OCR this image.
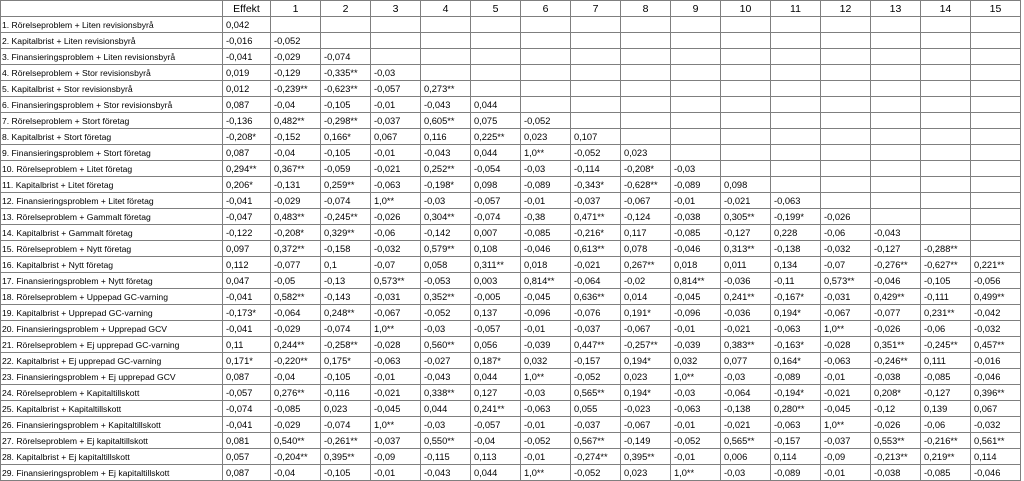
	Effekt	1	2	3	4	5	6	7	8	9	10	11	12	13	14	15
1. Rörelseproblem + Liten revisionsbyrå	0,042															
2. Kapitalbrist + Liten revisionsbyrå	-0,016	-0,052														
3. Finansieringsproblem + Liten revisionsbyrå	-0,041	-0,029	-0,074													
4. Rörelseproblem + Stor revisionsbyrå	0,019	-0,129	-0,335**	-0,03												
5. Kapitalbrist + Stor revisionsbyrå	0,012	-0,239**	-0,623**	-0,057	0,273**											
6. Finansieringsproblem + Stor revisionsbyrå	0,087	-0,04	-0,105	-0,01	-0,043	0,044										
7. Rörelseproblem + Stort företag	-0,136	0,482**	-0,298**	-0,037	0,605**	0,075	-0,052									
8. Kapitalbrist + Stort företag	-0,208*	-0,152	0,166*	0,067	0,116	0,225**	0,023	0,107								
9. Finansieringsproblem + Stort företag	0,087	-0,04	-0,105	-0,01	-0,043	0,044	1,0**	-0,052	0,023							
10. Rörelseproblem + Litet företag	0,294**	0,367**	-0,059	-0,021	0,252**	-0,054	-0,03	-0,114	-0,208*	-0,03						
11. Kapitalbrist + Litet företag	0,206*	-0,131	0,259**	-0,063	-0,198*	0,098	-0,089	-0,343*	-0,628**	-0,089	0,098					
12. Finansieringsproblem + Litet företag	-0,041	-0,029	-0,074	1,0**	-0,03	-0,057	-0,01	-0,037	-0,067	-0,01	-0,021	-0,063				
13. Rörelseproblem + Gammalt företag	-0,047	0,483**	-0,245**	-0,026	0,304**	-0,074	-0,38	0,471**	-0,124	-0,038	0,305**	-0,199*	-0,026			
14. Kapitalbrist + Gammalt företag	-0,122	-0,208*	0,329**	-0,06	-0,142	0,007	-0,085	-0,216*	0,117	-0,085	-0,127	0,228	-0,06	-0,043		
15. Rörelseproblem + Nytt företag	0,097	0,372**	-0,158	-0,032	0,579**	0,108	-0,046	0,613**	0,078	-0,046	0,313**	-0,138	-0,032	-0,127	-0,288**	
16. Kapitalbrist + Nytt företag	0,112	-0,077	0,1	-0,07	0,058	0,311**	0,018	-0,021	0,267**	0,018	0,011	0,134	-0,07	-0,276**	-0,627**	0,221**
17. Finansieringsproblem + Nytt företag	0,047	-0,05	-0,13	0,573**	-0,053	0,003	0,814**	-0,064	-0,02	0,814**	-0,036	-0,11	0,573**	-0,046	-0,105	-0,056
18. Rörelseproblem + Uppepad GC-varning	-0,041	0,582**	-0,143	-0,031	0,352**	-0,005	-0,045	0,636**	0,014	-0,045	0,241**	-0,167*	-0,031	0,429**	-0,111	0,499**
19. Kapitalbrist + Upprepad GC-varning	-0,173*	-0,064	0,248**	-0,067	-0,052	0,137	-0,096	-0,076	0,191*	-0,096	-0,036	0,194*	-0,067	-0,077	0,231**	-0,042
20. Finansieringsproblem + Upprepad GCV	-0,041	-0,029	-0,074	1,0**	-0,03	-0,057	-0,01	-0,037	-0,067	-0,01	-0,021	-0,063	1,0**	-0,026	-0,06	-0,032
21. Rörelseproblem + Ej upprepad GC-varning	0,11	0,244**	-0,258**	-0,028	0,560**	0,056	-0,039	0,447**	-0,257**	-0,039	0,383**	-0,163*	-0,028	0,351**	-0,245**	0,457**
22. Kapitalbrist + Ej upprepad GC-varning	0,171*	-0,220**	0,175*	-0,063	-0,027	0,187*	0,032	-0,157	0,194*	0,032	0,077	0,164*	-0,063	-0,246**	0,111	-0,016
23. Finansieringsproblem + Ej upprepad GCV	0,087	-0,04	-0,105	-0,01	-0,043	0,044	1,0**	-0,052	0,023	1,0**	-0,03	-0,089	-0,01	-0,038	-0,085	-0,046
24. Rörelseproblem + Kapitaltillskott	-0,057	0,276**	-0,116	-0,021	0,338**	0,127	-0,03	0,565**	0,194*	-0,03	-0,064	-0,194*	-0,021	0,208*	-0,127	0,396**
25. Kapitalbrist + Kapitaltillskott	-0,074	-0,085	0,023	-0,045	0,044	0,241**	-0,063	0,055	-0,023	-0,063	-0,138	0,280**	-0,045	-0,12	0,139	0,067
26. Finansieringsproblem + Kapitaltillskott	-0,041	-0,029	-0,074	1,0**	-0,03	-0,057	-0,01	-0,037	-0,067	-0,01	-0,021	-0,063	1,0**	-0,026	-0,06	-0,032
27. Rörelseproblem + Ej kapitaltillskott	0,081	0,540**	-0,261**	-0,037	0,550**	-0,04	-0,052	0,567**	-0,149	-0,052	0,565**	-0,157	-0,037	0,553**	-0,216**	0,561**
28. Kapitalbrist + Ej kapitaltillskott	0,057	-0,204**	0,395**	-0,09	-0,115	0,113	-0,01	-0,274**	0,395**	-0,01	0,006	0,114	-0,09	-0,213**	0,219**	0,114
29. Finansieringsproblem + Ej kapitaltillskott	0,087	-0,04	-0,105	-0,01	-0,043	0,044	1,0**	-0,052	0,023	1,0**	-0,03	-0,089	-0,01	-0,038	-0,085	-0,046
